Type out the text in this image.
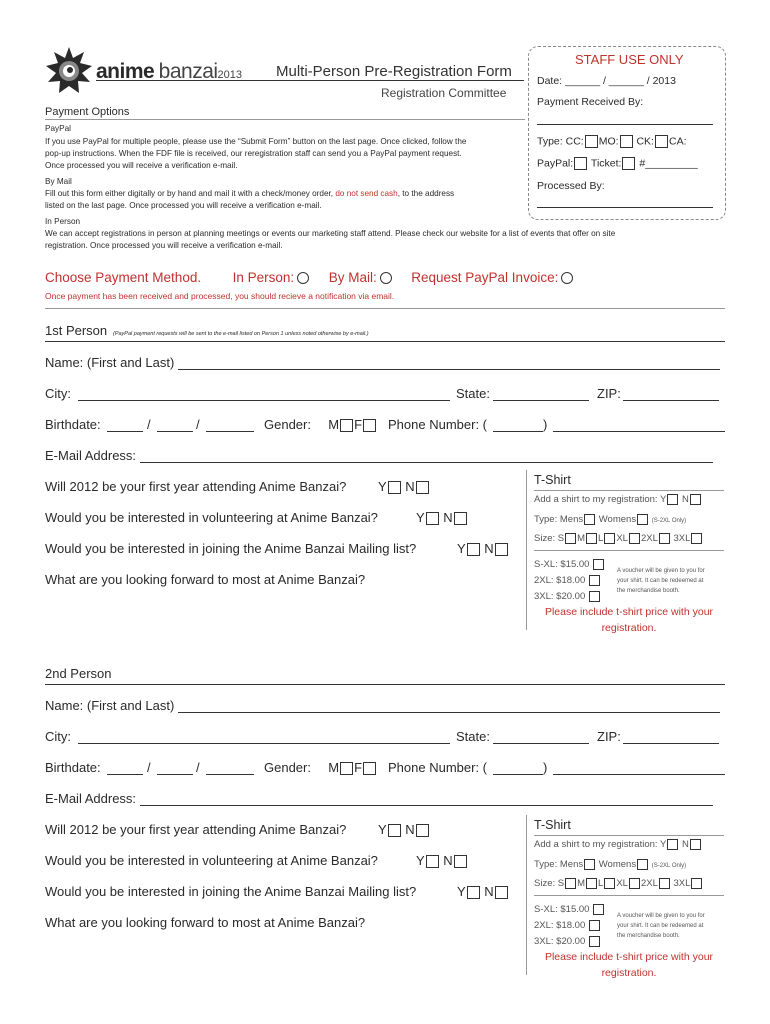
anime banzai2013 Multi-Person Pre-Registration Form
Registration Committee
STAFF USE ONLY
Date: ______ / ______ / 2013
Payment Received By:
Type: CC: MO: CK: CA:
PayPal: Ticket: #_________
Processed By:
Payment Options
PayPal
If you use PayPal for multiple people, please use the “Submit Form” button on the last page. Once clicked, follow the
pop-up instructions. When the FDF file is received, our reregistration staff can send you a PayPal payment request.
Once processed you will receive a verification e-mail.
By Mail
Fill out this form either digitally or by hand and mail it with a check/money order, do not send cash, to the address
listed on the last page. Once processed you will receive a verification e-mail.
In Person
We can accept registrations in person at planning meetings or events our marketing staff attend. Please check our website for a list of events that offer on site
registration. Once processed you will receive a verification e-mail.
Choose Payment Method. In Person:	By Mail:	Request PayPal Invoice:
Once payment has been received and processed, you should recieve a notification via email.
1st Person (PayPal payment requests will be sent to the e-mail listed on Person 1 unless noted otherwise by e-mail.)
Name: (First and Last)
City:	State:	ZIP:
Birthdate:	/	/	Gender: M F	Phone Number: (	)
E-Mail Address:
Will 2012 be your first year attending Anime Banzai? Y N
Would you be interested in volunteering at Anime Banzai?	Y N
Would you be interested in joining the Anime Banzai Mailing list?	Y N
What are you looking forward to most at Anime Banzai?
T-Shirt
Add a shirt to my registration: Y N
Type: Mens Womens	(S-2XL Only)
Size: S M L XL 2XL 3XL
S-XL: $15.00
2XL: $18.00
3XL: $20.00
A voucher will be given to you for
your shirt. It can be redeemed at
the merchandise booth.
Please include t-shirt price with your
registration.
2nd Person
Name: (First and Last)
City:	State:	ZIP:
Birthdate:	/	/	Gender: M F	Phone Number: (	)
E-Mail Address:
Will 2012 be your first year attending Anime Banzai? Y N
Would you be interested in volunteering at Anime Banzai?	Y N
Would you be interested in joining the Anime Banzai Mailing list?	Y N
What are you looking forward to most at Anime Banzai?
T-Shirt
Add a shirt to my registration: Y N
Type: Mens Womens	(S-2XL Only)
Size: S M L XL 2XL 3XL
S-XL: $15.00
2XL: $18.00
3XL: $20.00
A voucher will be given to you for
your shirt. It can be redeemed at
the merchandise booth.
Please include t-shirt price with your
registration.
